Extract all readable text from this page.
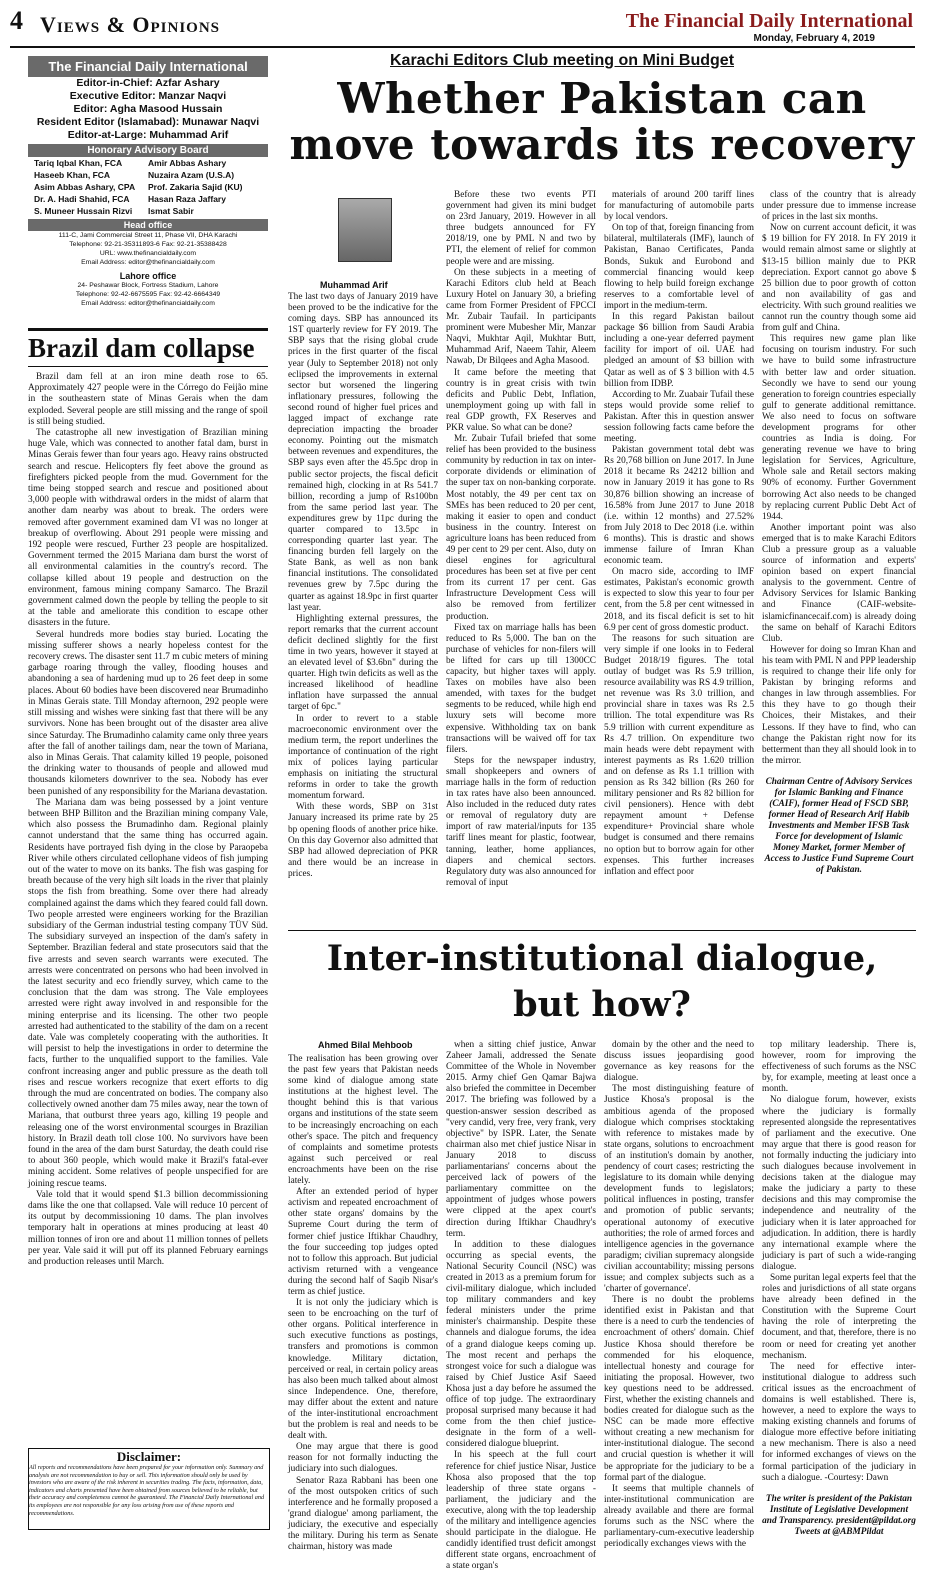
4 Views & Opinions	The Financial Daily International
Monday, February 4, 2019
The Financial Daily International
Editor-in-Chief: Azfar Ashary
Executive Editor: Manzar Naqvi
Editor: Agha Masood Hussain
Resident Editor (Islamabad): Munawar Naqvi
Editor-at-Large: Muhammad Arif
Honorary Advisory Board
Tariq Iqbal Khan, FCA	Amir Abbas Ashary
Haseeb Khan, FCA	Nuzaira Azam (U.S.A)
Asim Abbas Ashary, CPA	Prof. Zakaria Sajid (KU)
Dr. A. Hadi Shahid, FCA	Hasan Raza Jaffary
S. Muneer Hussain Rizvi	Ismat Sabir
Head office
111-C, Jami Commercial Street 11, Phase VII, DHA Karachi
Telephone: 92-21-35311893-6 Fax: 92-21-35388428
URL: www.thefinancialdaily.com
Email Address: editor@thefinancialdaily.com
Lahore office
24- Peshawar Block, Fortress Stadium, Lahore
Telephone: 92-42-6675595 Fax: 92-42-6664349
Email Address: editor@thefinancialdaily.com
Brazil dam collapse

Brazil dam fell at an iron mine death rose to 65. Approximately 427 people were in the Córrego do Feijão mine in the southeastern state of Minas Gerais when the dam exploded. Several people are still missing and the range of spoil is still being studied.

The catastrophe all new investigation of Brazilian mining huge Vale, which was connected to another fatal dam, burst in Minas Gerais fewer than four years ago. Heavy rains obstructed search and rescue. Helicopters fly feet above the ground as firefighters picked people from the mud. Government for the time being stopped search and rescue and positioned about 3,000 people with withdrawal orders in the midst of alarm that another dam nearby was about to break. The orders were removed after government examined dam VI was no longer at breakup of overflowing. About 291 people were missing and 192 people were rescued, Further 23 people are hospitalized. Government termed the 2015 Mariana dam burst the worst of all environmental calamities in the country's record. The collapse killed about 19 people and destruction on the environment, famous mining company Samarco. The Brazil government calmed down the people by telling the people to sit at the table and ameliorate this condition to escape other disasters in the future.

Several hundreds more bodies stay buried. Locating the missing sufferer shows a nearly hopeless contest for the recovery crews. The disaster sent 11.7 m cubic meters of mining garbage roaring through the valley, flooding houses and abandoning a sea of hardening mud up to 26 feet deep in some places. About 60 bodies have been discovered near Brumadinho in Minas Gerais state. Till Monday afternoon, 292 people were still missing and wishes were sinking fast that there will be any survivors. None has been brought out of the disaster area alive since Saturday. The Brumadinho calamity came only three years after the fall of another tailings dam, near the town of Mariana, also in Minas Gerais. That calamity killed 19 people, poisoned the drinking water to thousands of people and allowed mud thousands kilometers downriver to the sea. Nobody has ever been punished of any responsibility for the Mariana devastation.

The Mariana dam was being possessed by a joint venture between BHP Billiton and the Brazilian mining company Vale, which also possess the Brumadinho dam. Regional plainly cannot understand that the same thing has occurred again. Residents have portrayed fish dying in the close by Paraopeba River while others circulated cellophane videos of fish jumping out of the water to move on its banks. The fish was gasping for breath because of the very high silt loads in the river that plainly stops the fish from breathing. Some over there had already complained against the dams which they feared could fall down. Two people arrested were engineers working for the Brazilian subsidiary of the German industrial testing company TÜV Süd. The subsidiary surveyed an inspection of the dam's safety in September. Brazilian federal and state prosecutors said that the five arrests and seven search warrants were executed. The arrests were concentrated on persons who had been involved in the latest security and eco friendly survey, which came to the conclusion that the dam was strong. The Vale employees arrested were right away involved in and responsible for the mining enterprise and its licensing. The other two people arrested had authenticated to the stability of the dam on a recent date. Vale was completely cooperating with the authorities. It will persist to help the investigations in order to determine the facts, further to the unqualified support to the families. Vale confront increasing anger and public pressure as the death toll rises and rescue workers recognize that exert efforts to dig through the mud are concentrated on bodies. The company also collectively owned another dam 75 miles away, near the town of Mariana, that outburst three years ago, killing 19 people and releasing one of the worst environmental scourges in Brazilian history. In Brazil death toll close 100. No survivors have been found in the area of the dam burst Saturday, the death could rise to about 360 people, which would make it Brazil's fatal-ever mining accident. Some relatives of people unspecified for are joining rescue teams.

Vale told that it would spend $1.3 billion decommissioning dams like the one that collapsed. Vale will reduce 10 percent of its output by decommissioning 10 dams. The plan involves temporary halt in operations at mines producing at least 40 million tonnes of iron ore and about 11 million tonnes of pellets per year. Vale said it will put off its planned February earnings and production releases until March.

Disclaimer:
All reports and recommendations have been prepared for your information only. Summary and analysis are not recommendation to buy or sell. This information should only be used by investors who are aware of the risk inherent in securities trading. The facts, information, data, indicators and charts presented have been obtained from sources believed to be reliable, but their accuracy and completeness cannot be guaranteed. The Financial Daily International and its employees are not responsible for any loss arising from use of these reports and recommendations.
Karachi Editors Club meeting on Mini Budget
Whether Pakistan can move towards its recovery
Muhammad Arif

The last two days of January 2019 have been proved to be the indicative for the coming days. SBP has announced its 1ST quarterly review for FY 2019. The SBP says that the rising global crude prices in the first quarter of the fiscal year (July to September 2018) not only eclipsed the improvements in external sector but worsened the lingering inflationary pressures, following the second round of higher fuel prices and lagged impact of exchange rate depreciation impacting the broader economy. Pointing out the mismatch between revenues and expenditures, the SBP says even after the 45.5pc drop in public sector projects, the fiscal deficit remained high, clocking in at Rs 541.7 billion, recording a jump of Rs100bn from the same period last year. The expenditures grew by 11pc during the quarter compared to 13.5pc in corresponding quarter last year. The financing burden fell largely on the State Bank, as well as non bank financial institutions. The consolidated revenues grew by 7.5pc during the quarter as against 18.9pc in first quarter last year.

Highlighting external pressures, the report remarks that the current account deficit declined slightly for the first time in two years, however it stayed at an elevated level of $3.6bn" during the quarter. High twin deficits as well as the increased likelihood of headline inflation have surpassed the annual target of 6pc."

In order to revert to a stable macroeconomic environment over the medium term, the report underlines the importance of continuation of the right mix of polices laying particular emphasis on initiating the structural reforms in order to take the growth momentum forward.

With these words, SBP on 31st January increased its prime rate by 25 bp opening floods of another price hike. On this day Governor also admitted that SBP had allowed depreciation of PKR and there would be an increase in prices.

Before these two events PTI government had given its mini budget on 23rd January, 2019. However in all three budgets announced for FY 2018/19, one by PML N and two by PTI, the element of relief for common people were and are missing.

On these subjects in a meeting of Karachi Editors club held at Beach Luxury Hotel on January 30, a briefing came from Former President of FPCCI Mr. Zubair Taufail. In participants prominent were Mubesher Mir, Manzar Naqvi, Mukhtar Aqil, Mukhtar Butt, Muhammad Arif, Naeem Tahir, Aleem Nawab, Dr Bilqees and Agha Masood.

It came before the meeting that country is in great crisis with twin deficits and Public Debt, Inflation, unemployment going up with fall in real GDP growth, FX Reserves and PKR value. So what can be done?

Mr. Zubair Tufail briefed that some relief has been provided to the business community by reduction in tax on inter-corporate dividends or elimination of the super tax on non-banking corporate. Most notably, the 49 per cent tax on SMEs has been reduced to 20 per cent, making it easier to open and conduct business in the country. Interest on agriculture loans has been reduced from 49 per cent to 29 per cent. Also, duty on diesel engines for agricultural procedures has been set at five per cent from its current 17 per cent. Gas Infrastructure Development Cess will also be removed from fertilizer production.

Fixed tax on marriage halls has been reduced to Rs 5,000. The ban on the purchase of vehicles for non-filers will be lifted for cars up till 1300CC capacity, but higher taxes will apply. Taxes on mobiles have also been amended, with taxes for the budget segments to be reduced, while high end luxury sets will become more expensive. Withholding tax on bank transactions will be waived off for tax filers.

Steps for the newspaper industry, small shopkeepers and owners of marriage halls in the form of reduction in tax rates have also been announced. Also included in the reduced duty rates or removal of regulatory duty are import of raw material/inputs for 135 tariff lines meant for plastic, footwear, tanning, leather, home appliances, diapers and chemical sectors. Regulatory duty was also announced for removal of input

materials of around 200 tariff lines for manufacturing of automobile parts by local vendors.

On top of that, foreign financing from bilateral, multilaterals (IMF), launch of Pakistan, Banao Certificates, Panda Bonds, Sukuk and Eurobond and commercial financing would keep flowing to help build foreign exchange reserves to a comfortable level of import in the medium-term.

In this regard Pakistan bailout package $6 billion from Saudi Arabia including a one-year deferred payment facility for import of oil. UAE had pledged an amount of $3 billion with Qatar as well as of $ 3 billion with 4.5 billion from IDBP.

According to Mr. Zuabair Tufail these steps would provide some relief to Pakistan. After this in question answer session following facts came before the meeting.

Pakistan government total debt was Rs 20,768 billion on June 2017. In June 2018 it became Rs 24212 billion and now in January 2019 it has gone to Rs 30,876 billion showing an increase of 16.58% from June 2017 to June 2018 (i.e. within 12 months) and 27.52% from July 2018 to Dec 2018 (i.e. within 6 months). This is drastic and shows immense failure of Imran Khan economic team.

On macro side, according to IMF estimates, Pakistan's economic growth is expected to slow this year to four per cent, from the 5.8 per cent witnessed in 2018, and its fiscal deficit is set to hit 6.9 per cent of gross domestic product.

The reasons for such situation are very simple if one looks in to Federal Budget 2018/19 figures. The total outlay of budget was Rs 5.9 trillion, resource availability was RS 4.9 trillion, net revenue was Rs 3.0 trillion, and provincial share in taxes was Rs 2.5 trillion. The total expenditure was Rs 5.9 trillion with current expenditure as Rs 4.7 trillion. On expenditure two main heads were debt repayment with interest payments as Rs 1.620 trillion and on defense as Rs 1.1 trillion with pension as Rs 342 billion (Rs 260 for military pensioner and Rs 82 billion for civil pensioners). Hence with debt repayment amount + Defense expenditure+ Provincial share whole budget is consumed and there remains no option but to borrow again for other expenses. This further increases inflation and effect poor

class of the country that is already under pressure due to immense increase of prices in the last six months.

Now on current account deficit, it was $ 19 billion for FY 2018. In FY 2019 it would remain almost same or slightly at $13-15 billion mainly due to PKR depreciation. Export cannot go above $ 25 billion due to poor growth of cotton and non availability of gas and electricity. With such ground realities we cannot run the country though some aid from gulf and China.

This requires new game plan like focusing on tourism industry. For such we have to build some infrastructure with better law and order situation. Secondly we have to send our young generation to foreign countries especially gulf to generate additional remittance. We also need to focus on software development programs for other countries as India is doing. For generating revenue we have to bring legislation for Services, Agriculture, Whole sale and Retail sectors making 90% of economy. Further Government borrowing Act also needs to be changed by replacing current Public Debt Act of 1944.

Another important point was also emerged that is to make Karachi Editors Club a pressure group as a valuable source of information and experts' opinion based on expert financial analysis to the government. Centre of Advisory Services for Islamic Banking and Finance (CAIF-website- islamicfinancecaif.com) is already doing the same on behalf of Karachi Editors Club.

However for doing so Imran Khan and his team with PML N and PPP leadership is required to change their life only for Pakistan by bringing reforms and changes in law through assemblies. For this they have to go though their Choices, their Mistakes, and their Lessons. If they have to find, who can change the Pakistan right now for its betterment than they all should look in to the mirror.

Chairman Centre of Advisory Services for Islamic Banking and Finance (CAIF), former Head of FSCD SBP, former Head of Research Arif Habib Investments and Member IFSB Task Force for development of Islamic Money Market, former Member of Access to Justice Fund Supreme Court of Pakistan.
Inter-institutional dialogue, but how?
Ahmed Bilal Mehboob

The realisation has been growing over the past few years that Pakistan needs some kind of dialogue among state institutions at the highest level. The thought behind this is that various organs and institutions of the state seem to be increasingly encroaching on each other's space. The pitch and frequency of complaints and sometime protests against such perceived or real encroachments have been on the rise lately.

After an extended period of hyper activism and repeated encroachment of other state organs' domains by the Supreme Court during the term of former chief justice Iftikhar Chaudhry, the four succeeding top judges opted not to follow this approach. But judicial activism returned with a vengeance during the second half of Saqib Nisar's term as chief justice.

It is not only the judiciary which is seen to be encroaching on the turf of other organs. Political interference in such executive functions as postings, transfers and promotions is common knowledge. Military dictation, perceived or real, in certain policy areas has also been much talked about almost since Independence. One, therefore, may differ about the extent and nature of the inter-institutional encroachment but the problem is real and needs to be dealt with.

One may argue that there is good reason for not formally inducting the judiciary into such dialogues.

Senator Raza Rabbani has been one of the most outspoken critics of such interference and he formally proposed a 'grand dialogue' among parliament, the judiciary, the executive and especially the military. During his term as Senate chairman, history was made

when a sitting chief justice, Anwar Zaheer Jamali, addressed the Senate Committee of the Whole in November 2015. Army chief Gen Qamar Bajwa also briefed the committee in December 2017. The briefing was followed by a question-answer session described as "very candid, very free, very frank, very objective" by ISPR. Later, the Senate chairman also met chief justice Nisar in January 2018 to discuss parliamentarians' concerns about the perceived lack of powers of the parliamentary committee on the appointment of judges whose powers were clipped at the apex court's direction during Iftikhar Chaudhry's term.

In addition to these dialogues occurring as special events, the National Security Council (NSC) was created in 2013 as a premium forum for civil-military dialogue, which included top military commanders and key federal ministers under the prime minister's chairmanship. Despite these channels and dialogue forums, the idea of a grand dialogue keeps coming up. The most recent and perhaps the strongest voice for such a dialogue was raised by Chief Justice Asif Saeed Khosa just a day before he assumed the office of top judge. The extraordinary proposal surprised many because it had come from the then chief justice-designate in the form of a well-considered dialogue blueprint.

In his speech at the full court reference for chief justice Nisar, Justice Khosa also proposed that the top leadership of three state organs - parliament, the judiciary and the executive, along with the top leadership of the military and intelligence agencies should participate in the dialogue. He candidly identified trust deficit amongst different state organs, encroachment of a state organ's

domain by the other and the need to discuss issues jeopardising good governance as key reasons for the dialogue.

The most distinguishing feature of Justice Khosa's proposal is the ambitious agenda of the proposed dialogue which comprises stocktaking with reference to mistakes made by state organs, solutions to encroachment of an institution's domain by another, pendency of court cases; restricting the legislature to its domain while denying development funds to legislators; political influences in posting, transfer and promotion of public servants; operational autonomy of executive authorities; the role of armed forces and intelligence agencies in the governance paradigm; civilian supremacy alongside civilian accountability; missing persons issue; and complex subjects such as a 'charter of governance'.

There is no doubt the problems identified exist in Pakistan and that there is a need to curb the tendencies of encroachment of others' domain. Chief Justice Khosa should therefore be commended for his eloquence, intellectual honesty and courage for initiating the proposal. However, two key questions need to be addressed. First, whether the existing channels and bodies created for dialogue such as the NSC can be made more effective without creating a new mechanism for inter-institutional dialogue. The second and crucial question is whether it will be appropriate for the judiciary to be a formal part of the dialogue.

It seems that multiple channels of inter-institutional communication are already available and there are formal forums such as the NSC where the parliamentary-cum-executive leadership periodically exchanges views with the

top military leadership. There is, however, room for improving the effectiveness of such forums as the NSC by, for example, meeting at least once a month.

No dialogue forum, however, exists where the judiciary is formally represented alongside the representatives of parliament and the executive. One may argue that there is good reason for not formally inducting the judiciary into such dialogues because involvement in decisions taken at the dialogue may make the judiciary a party to these decisions and this may compromise the independence and neutrality of the judiciary when it is later approached for adjudication. In addition, there is hardly any international example where the judiciary is part of such a wide-ranging dialogue.

Some puritan legal experts feel that the roles and jurisdictions of all state organs have already been defined in the Constitution with the Supreme Court having the role of interpreting the document, and that, therefore, there is no room or need for creating yet another mechanism.

The need for effective inter-institutional dialogue to address such critical issues as the encroachment of domains is well established. There is, however, a need to explore the ways to making existing channels and forums of dialogue more effective before initiating a new mechanism. There is also a need for informed exchanges of views on the formal participation of the judiciary in such a dialogue. -Courtesy: Dawn

The writer is president of the Pakistan Institute of Legislative Development and Transparency. president@pildat.org Tweets at @ABMPildat
